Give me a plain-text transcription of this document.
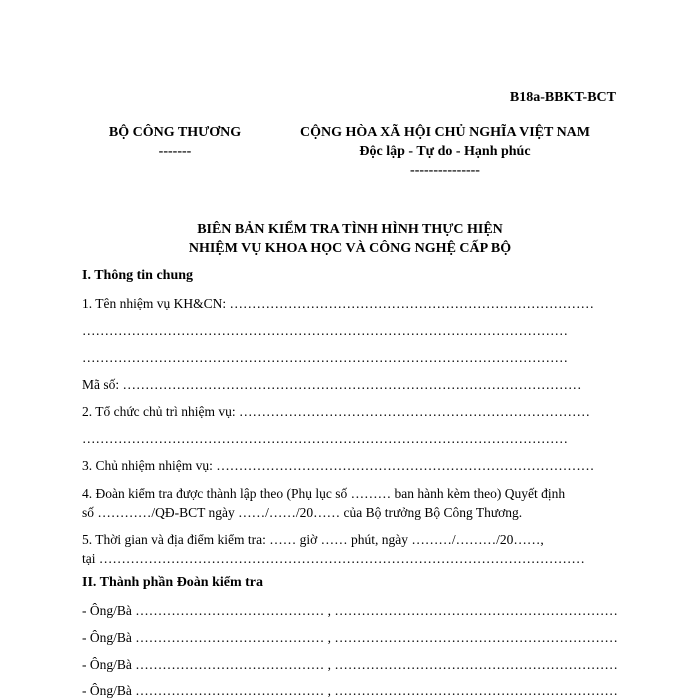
B18a-BBKT-BCT
BỘ CÔNG THƯƠNG
-------
CỘNG HÒA XÃ HỘI CHỦ NGHĨA VIỆT NAM
Độc lập - Tự do - Hạnh phúc
---------------
BIÊN BẢN KIỂM TRA TÌNH HÌNH THỰC HIỆN
NHIỆM VỤ KHOA HỌC VÀ CÔNG NGHỆ CẤP BỘ
I. Thông tin chung
1. Tên nhiệm vụ KH&CN: ………………………………………………………………………
………………………………………………………………………………………………
………………………………………………………………………………………………
Mã số: …………………………………………………………………………………………
2. Tổ chức chủ trì nhiệm vụ: ……………………………………………………………………
………………………………………………………………………………………………
3. Chủ nhiệm nhiệm vụ: …………………………………………………………………………
4. Đoàn kiểm tra được thành lập theo (Phụ lục số ……… ban hành kèm theo) Quyết định
số …………/QĐ-BCT ngày ……/……/20…… của Bộ trưởng Bộ Công Thương.
5. Thời gian và địa điểm kiểm tra: …… giờ …… phút, ngày ………/………/20……,
tại ………………………………………………………………………………………………
II. Thành phần Đoàn kiểm tra
- Ông/Bà …………………………………… , ………………………………………………………
- Ông/Bà …………………………………… , ………………………………………………………
- Ông/Bà …………………………………… , ………………………………………………………
- Ông/Bà …………………………………… , ………………………………………………………
